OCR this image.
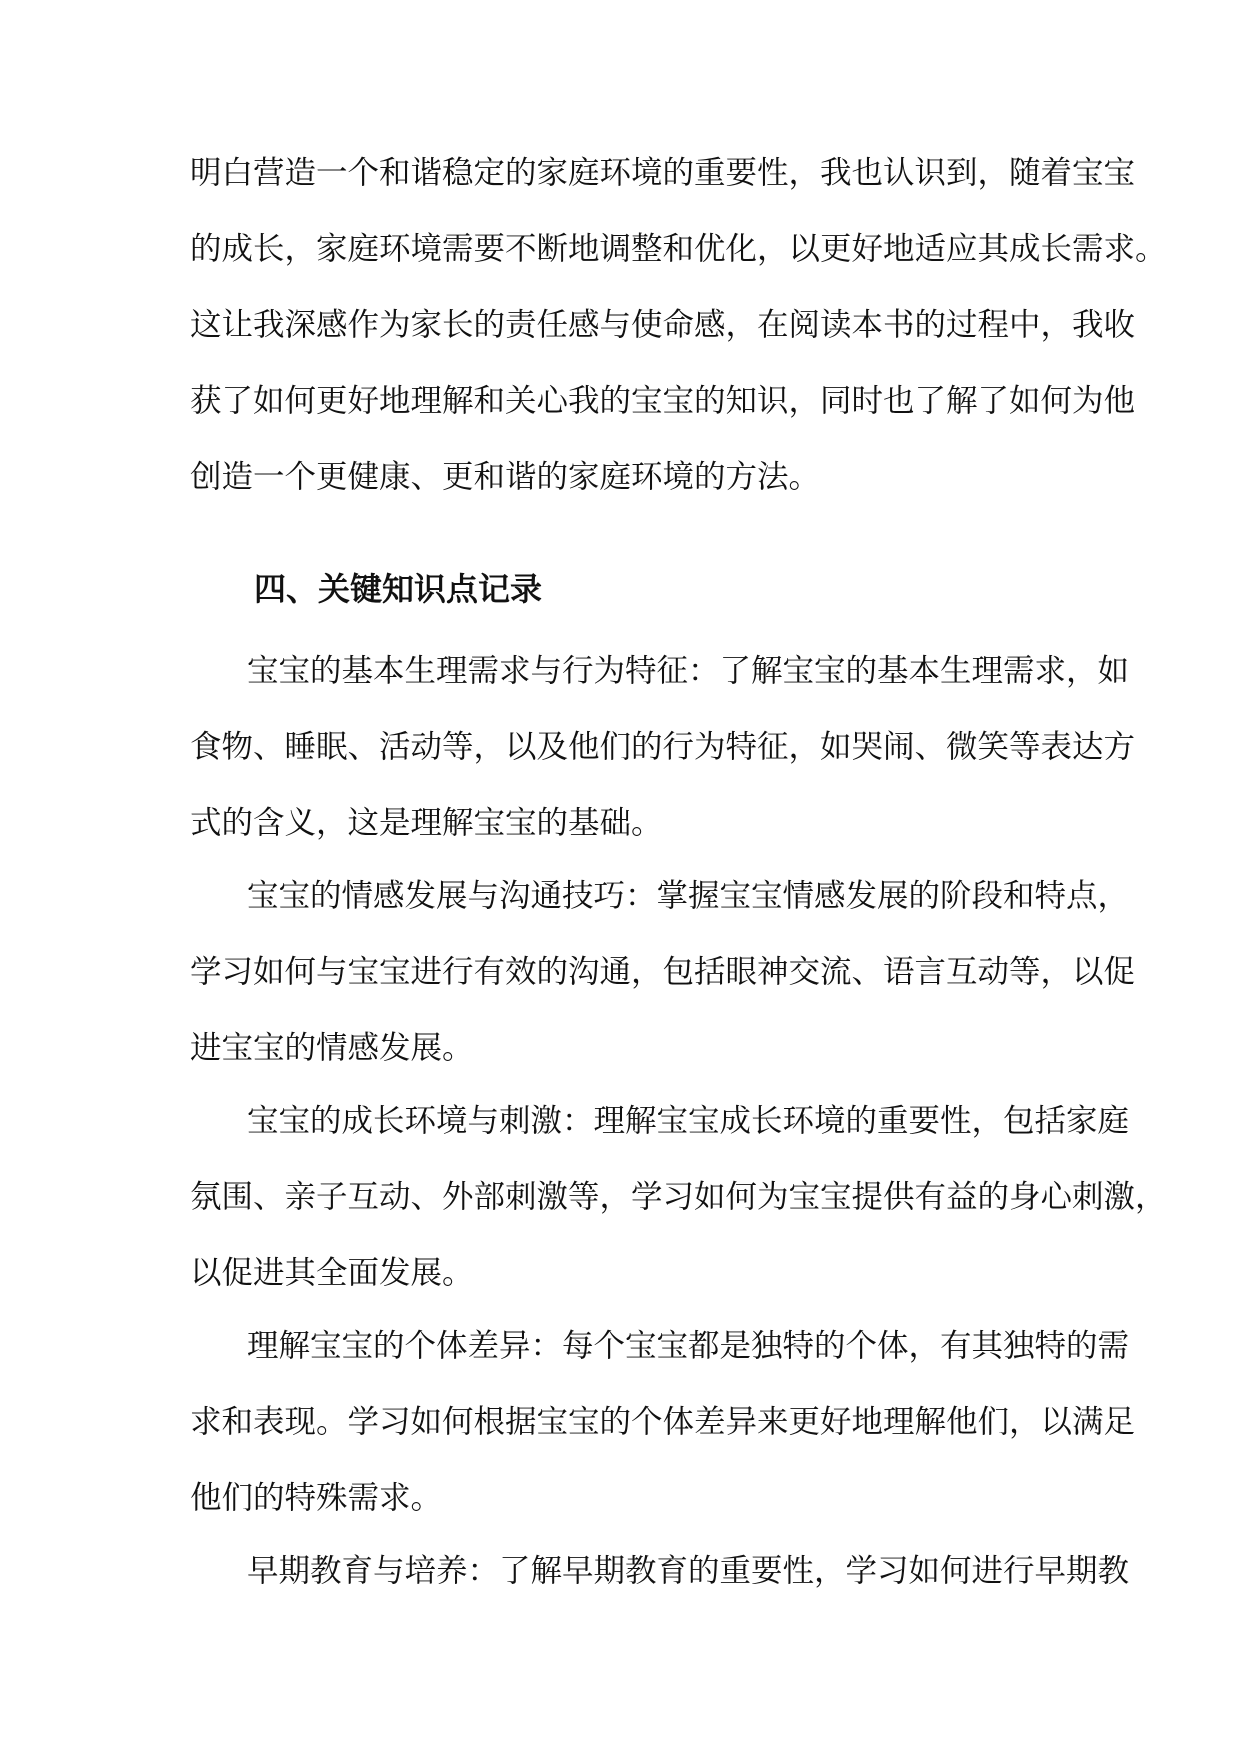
明白营造一个和谐稳定的家庭环境的重要性，我也认识到，随着宝宝
的成长，家庭环境需要不断地调整和优化，以更好地适应其成长需求。
这让我深感作为家长的责任感与使命感，在阅读本书的过程中，我收
获了如何更好地理解和关心我的宝宝的知识，同时也了解了如何为他
创造一个更健康、更和谐的家庭环境的方法。
四、关键知识点记录
宝宝的基本生理需求与行为特征：了解宝宝的基本生理需求，如
食物、睡眠、活动等，以及他们的行为特征，如哭闹、微笑等表达方
式的含义，这是理解宝宝的基础。
宝宝的情感发展与沟通技巧：掌握宝宝情感发展的阶段和特点，
学习如何与宝宝进行有效的沟通，包括眼神交流、语言互动等，以促
进宝宝的情感发展。
宝宝的成长环境与刺激：理解宝宝成长环境的重要性，包括家庭
氛围、亲子互动、外部刺激等，学习如何为宝宝提供有益的身心刺激，
以促进其全面发展。
理解宝宝的个体差异：每个宝宝都是独特的个体，有其独特的需
求和表现。学习如何根据宝宝的个体差异来更好地理解他们，以满足
他们的特殊需求。
早期教育与培养：了解早期教育的重要性，学习如何进行早期教
